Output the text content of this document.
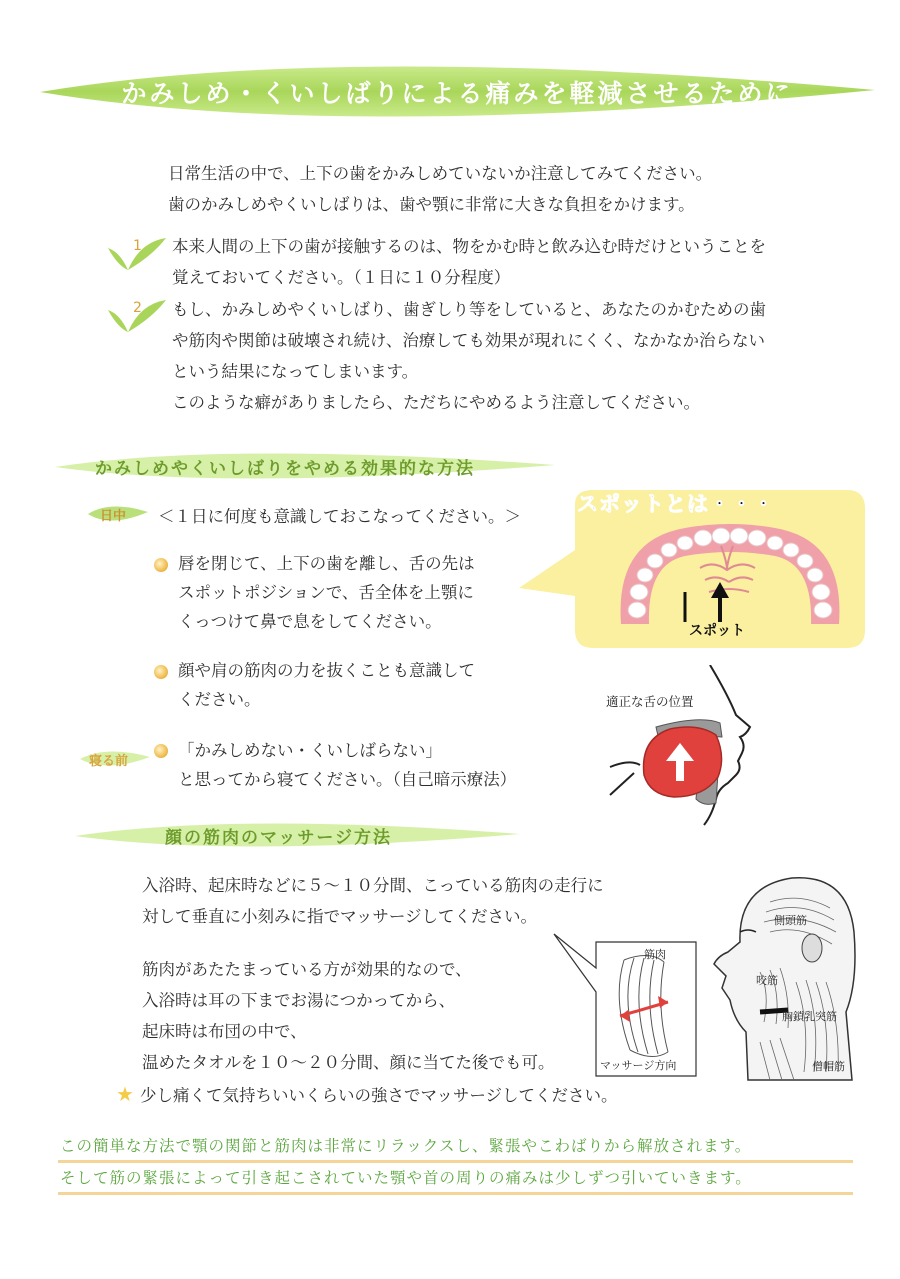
かみしめ・くいしばりによる痛みを軽減させるために
日常生活の中で、上下の歯をかみしめていないか注意してみてください。
歯のかみしめやくいしばりは、歯や顎に非常に大きな負担をかけます。
1 本来人間の上下の歯が接触するのは、物をかむ時と飲み込む時だけということを
覚えておいてください。（１日に１０分程度）
2 もし、かみしめやくいしばり、歯ぎしり等をしていると、あなたのかむための歯
や筋肉や関節は破壊され続け、治療しても効果が現れにくく、なかなか治らない
という結果になってしまいます。
このような癖がありましたら、ただちにやめるよう注意してください。
かみしめやくいしばりをやめる効果的な方法
日中 ＜１日に何度も意識しておこなってください。＞
唇を閉じて、上下の歯を離し、舌の先は
スポットポジションで、舌全体を上顎に
くっつけて鼻で息をしてください。
顔や肩の筋肉の力を抜くことも意識して
ください。
寝る前
「かみしめない・くいしばらない」
と思ってから寝てください。（自己暗示療法）
スポットとは・・・
スポット
適正な舌の位置
顔の筋肉のマッサージ方法
入浴時、起床時などに５～１０分間、こっている筋肉の走行に
対して垂直に小刻みに指でマッサージしてください。
筋肉があたたまっている方が効果的なので、
入浴時は耳の下までお湯につかってから、
起床時は布団の中で、
温めたタオルを１０～２０分間、顔に当てた後でも可。
筋肉
マッサージ方向
側頭筋
咬筋
胸鎖乳突筋
僧帽筋
★ 少し痛くて気持ちいいくらいの強さでマッサージしてください。
この簡単な方法で顎の関節と筋肉は非常にリラックスし、緊張やこわばりから解放されます。
そして筋の緊張によって引き起こされていた顎や首の周りの痛みは少しずつ引いていきます。
